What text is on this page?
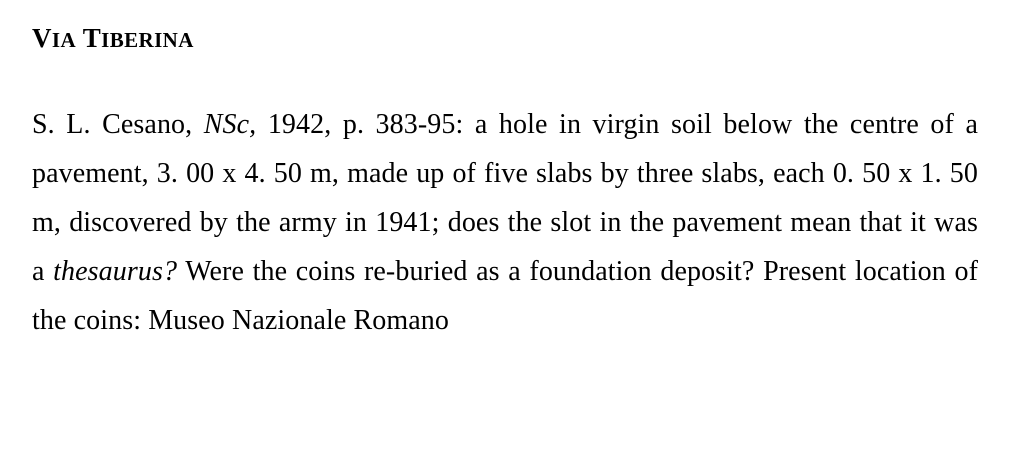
VIA TIBERINA

S. L. Cesano, NSc, 1942, p. 383-95: a hole in virgin soil below the centre of a pavement, 3. 00 x 4. 50 m, made up of five slabs by three slabs, each 0. 50 x 1. 50 m, discovered by the army in 1941; does the slot in the pavement mean that it was a thesaurus? Were the coins re-buried as a foundation deposit? Present location of the coins: Museo Nazionale Romano
